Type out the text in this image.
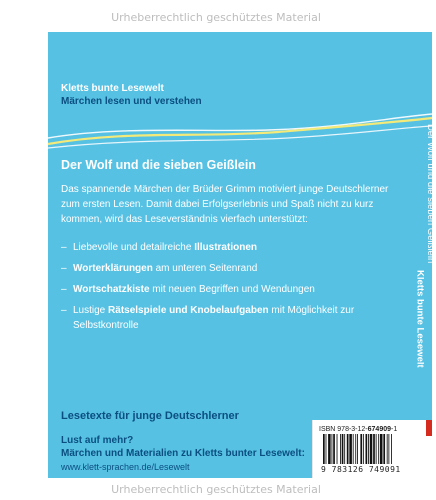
Urheberrechtlich geschütztes Material
Kletts bunte Lesewelt
Märchen lesen und verstehen
Der Wolf und die sieben Geißlein
Kletts bunte Lesewelt
Der Wolf und die sieben Geißlein

Das spannende Märchen der Brüder Grimm motiviert junge Deutschlerner zum ersten Lesen. Damit dabei Erfolgserlebnis und Spaß nicht zu kurz kommen, wird das Leseverständnis vierfach unterstützt:

– Liebevolle und detailreiche Illustrationen
– Worterklärungen am unteren Seitenrand
– Wortschatzkiste mit neuen Begriffen und Wendungen
– Lustige Rätselspiele und Knobelaufgaben mit Möglichkeit zur Selbstkontrolle
Lesetexte für junge Deutschlerner
Lust auf mehr?
Märchen und Materialien zu Kletts bunter Lesewelt:
www.klett-sprachen.de/Lesewelt
ISBN 978-3-12-674909-1
9 783126 749091
Urheberrechtlich geschütztes Material
